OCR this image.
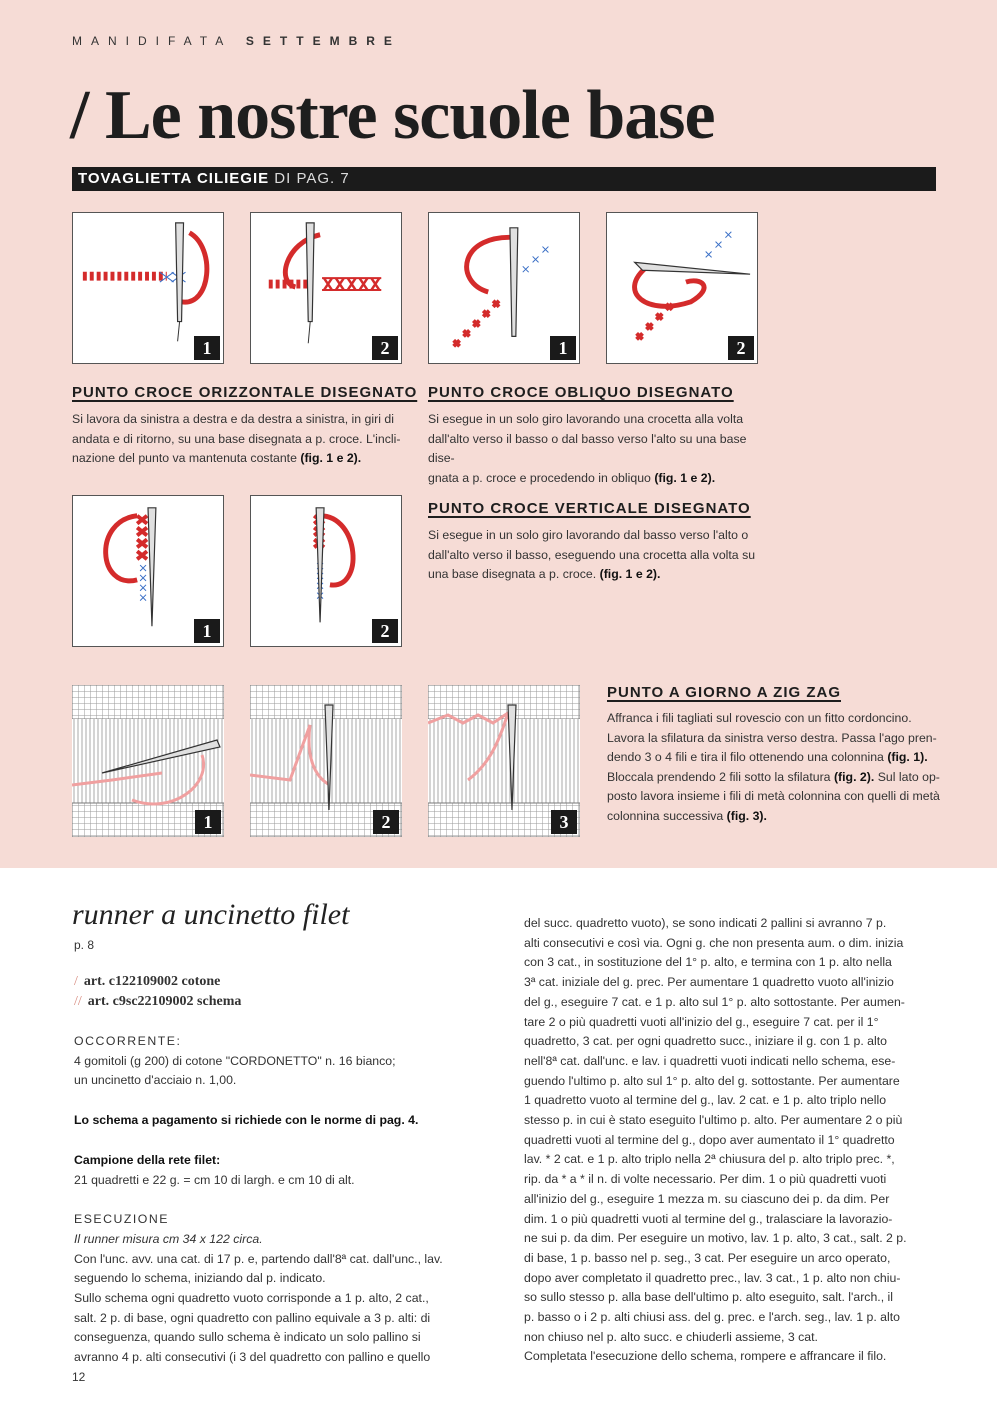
MANIDIFATA SETTEMBRE
/ Le nostre scuole base
TOVAGLIETTA CILIEGIE DI PAG. 7
1	2	1	2
PUNTO CROCE ORIZZONTALE DISEGNATO
Si lavora da sinistra a destra e da destra a sinistra, in giri di
andata e di ritorno, su una base disegnata a p. croce. L'incli-
nazione del punto va mantenuta costante (fig. 1 e 2).
PUNTO CROCE OBLIQUO DISEGNATO
Si esegue in un solo giro lavorando una crocetta alla volta
dall'alto verso il basso o dal basso verso l'alto su una base dise-
gnata a p. croce e procedendo in obliquo (fig. 1 e 2).
1	2
PUNTO CROCE VERTICALE DISEGNATO
Si esegue in un solo giro lavorando dal basso verso l'alto o
dall'alto verso il basso, eseguendo una crocetta alla volta su
una base disegnata a p. croce. (fig. 1 e 2).
1	2	3
PUNTO A GIORNO A ZIG ZAG
Affranca i fili tagliati sul rovescio con un fitto cordoncino.
Lavora la sfilatura da sinistra verso destra. Passa l'ago pren-
dendo 3 o 4 fili e tira il filo ottenendo una colonnina (fig. 1).
Bloccala prendendo 2 fili sotto la sfilatura (fig. 2). Sul lato op-
posto lavora insieme i fili di metà colonnina con quelli di metà
colonnina successiva (fig. 3).
runner a uncinetto filet
p. 8
/ art. c122109002 cotone
// art. c9sc22109002 schema
OCCORRENTE:
4 gomitoli (g 200) di cotone "CORDONETTO" n. 16 bianco;
un uncinetto d'acciaio n. 1,00.
Lo schema a pagamento si richiede con le norme di pag. 4.
Campione della rete filet:
21 quadretti e 22 g. = cm 10 di largh. e cm 10 di alt.
ESECUZIONE
Il runner misura cm 34 x 122 circa.
Con l'unc. avv. una cat. di 17 p. e, partendo dall'8ª cat. dall'unc., lav.
seguendo lo schema, iniziando dal p. indicato.
Sullo schema ogni quadretto vuoto corrisponde a 1 p. alto, 2 cat.,
salt. 2 p. di base, ogni quadretto con pallino equivale a 3 p. alti: di
conseguenza, quando sullo schema è indicato un solo pallino si
avranno 4 p. alti consecutivi (i 3 del quadretto con pallino e quello
del succ. quadretto vuoto), se sono indicati 2 pallini si avranno 7 p.
alti consecutivi e così via. Ogni g. che non presenta aum. o dim. inizia
con 3 cat., in sostituzione del 1° p. alto, e termina con 1 p. alto nella
3ª cat. iniziale del g. prec. Per aumentare 1 quadretto vuoto all'inizio
del g., eseguire 7 cat. e 1 p. alto sul 1° p. alto sottostante. Per aumen-
tare 2 o più quadretti vuoti all'inizio del g., eseguire 7 cat. per il 1°
quadretto, 3 cat. per ogni quadretto succ., iniziare il g. con 1 p. alto
nell'8ª cat. dall'unc. e lav. i quadretti vuoti indicati nello schema, ese-
guendo l'ultimo p. alto sul 1° p. alto del g. sottostante. Per aumentare
1 quadretto vuoto al termine del g., lav. 2 cat. e 1 p. alto triplo nello
stesso p. in cui è stato eseguito l'ultimo p. alto. Per aumentare 2 o più
quadretti vuoti al termine del g., dopo aver aumentato il 1° quadretto
lav. * 2 cat. e 1 p. alto triplo nella 2ª chiusura del p. alto triplo prec. *,
rip. da * a * il n. di volte necessario. Per dim. 1 o più quadretti vuoti
all'inizio del g., eseguire 1 mezza m. su ciascuno dei p. da dim. Per
dim. 1 o più quadretti vuoti al termine del g., tralasciare la lavorazio-
ne sui p. da dim. Per eseguire un motivo, lav. 1 p. alto, 3 cat., salt. 2 p.
di base, 1 p. basso nel p. seg., 3 cat. Per eseguire un arco operato,
dopo aver completato il quadretto prec., lav. 3 cat., 1 p. alto non chiu-
so sullo stesso p. alla base dell'ultimo p. alto eseguito, salt. l'arch., il
p. basso o i 2 p. alti chiusi ass. del g. prec. e l'arch. seg., lav. 1 p. alto
non chiuso nel p. alto succ. e chiuderli assieme, 3 cat.
Completata l'esecuzione dello schema, rompere e affrancare il filo.
12
